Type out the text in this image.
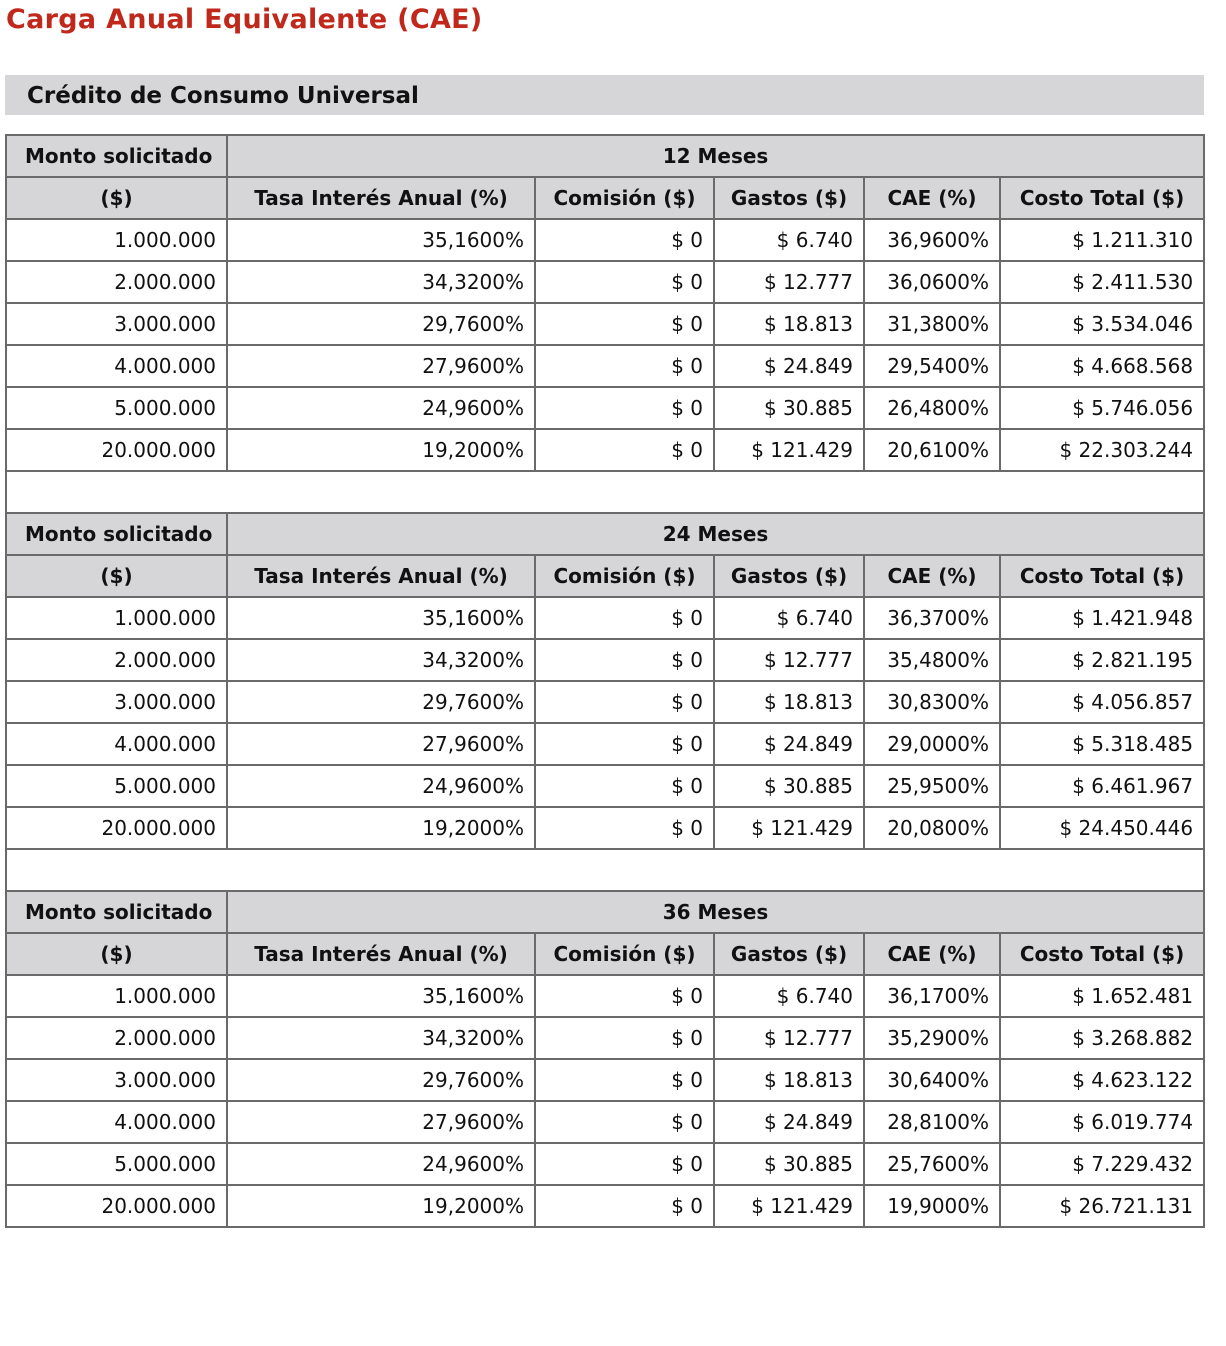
Carga Anual Equivalente (CAE)
Crédito de Consumo Universal
Monto solicitado	12 Meses				
($)	Tasa Interés Anual (%)	Comisión ($)	Gastos ($)	CAE (%)	Costo Total ($)
1.000.000	35,1600%	$ 0	$ 6.740	36,9600%	$ 1.211.310
2.000.000	34,3200%	$ 0	$ 12.777	36,0600%	$ 2.411.530
3.000.000	29,7600%	$ 0	$ 18.813	31,3800%	$ 3.534.046
4.000.000	27,9600%	$ 0	$ 24.849	29,5400%	$ 4.668.568
5.000.000	24,9600%	$ 0	$ 30.885	26,4800%	$ 5.746.056
20.000.000	19,2000%	$ 0	$ 121.429	20,6100%	$ 22.303.244

Monto solicitado	24 Meses				
($)	Tasa Interés Anual (%)	Comisión ($)	Gastos ($)	CAE (%)	Costo Total ($)
1.000.000	35,1600%	$ 0	$ 6.740	36,3700%	$ 1.421.948
2.000.000	34,3200%	$ 0	$ 12.777	35,4800%	$ 2.821.195
3.000.000	29,7600%	$ 0	$ 18.813	30,8300%	$ 4.056.857
4.000.000	27,9600%	$ 0	$ 24.849	29,0000%	$ 5.318.485
5.000.000	24,9600%	$ 0	$ 30.885	25,9500%	$ 6.461.967
20.000.000	19,2000%	$ 0	$ 121.429	20,0800%	$ 24.450.446

Monto solicitado	36 Meses				
($)	Tasa Interés Anual (%)	Comisión ($)	Gastos ($)	CAE (%)	Costo Total ($)
1.000.000	35,1600%	$ 0	$ 6.740	36,1700%	$ 1.652.481
2.000.000	34,3200%	$ 0	$ 12.777	35,2900%	$ 3.268.882
3.000.000	29,7600%	$ 0	$ 18.813	30,6400%	$ 4.623.122
4.000.000	27,9600%	$ 0	$ 24.849	28,8100%	$ 6.019.774
5.000.000	24,9600%	$ 0	$ 30.885	25,7600%	$ 7.229.432
20.000.000	19,2000%	$ 0	$ 121.429	19,9000%	$ 26.721.131
